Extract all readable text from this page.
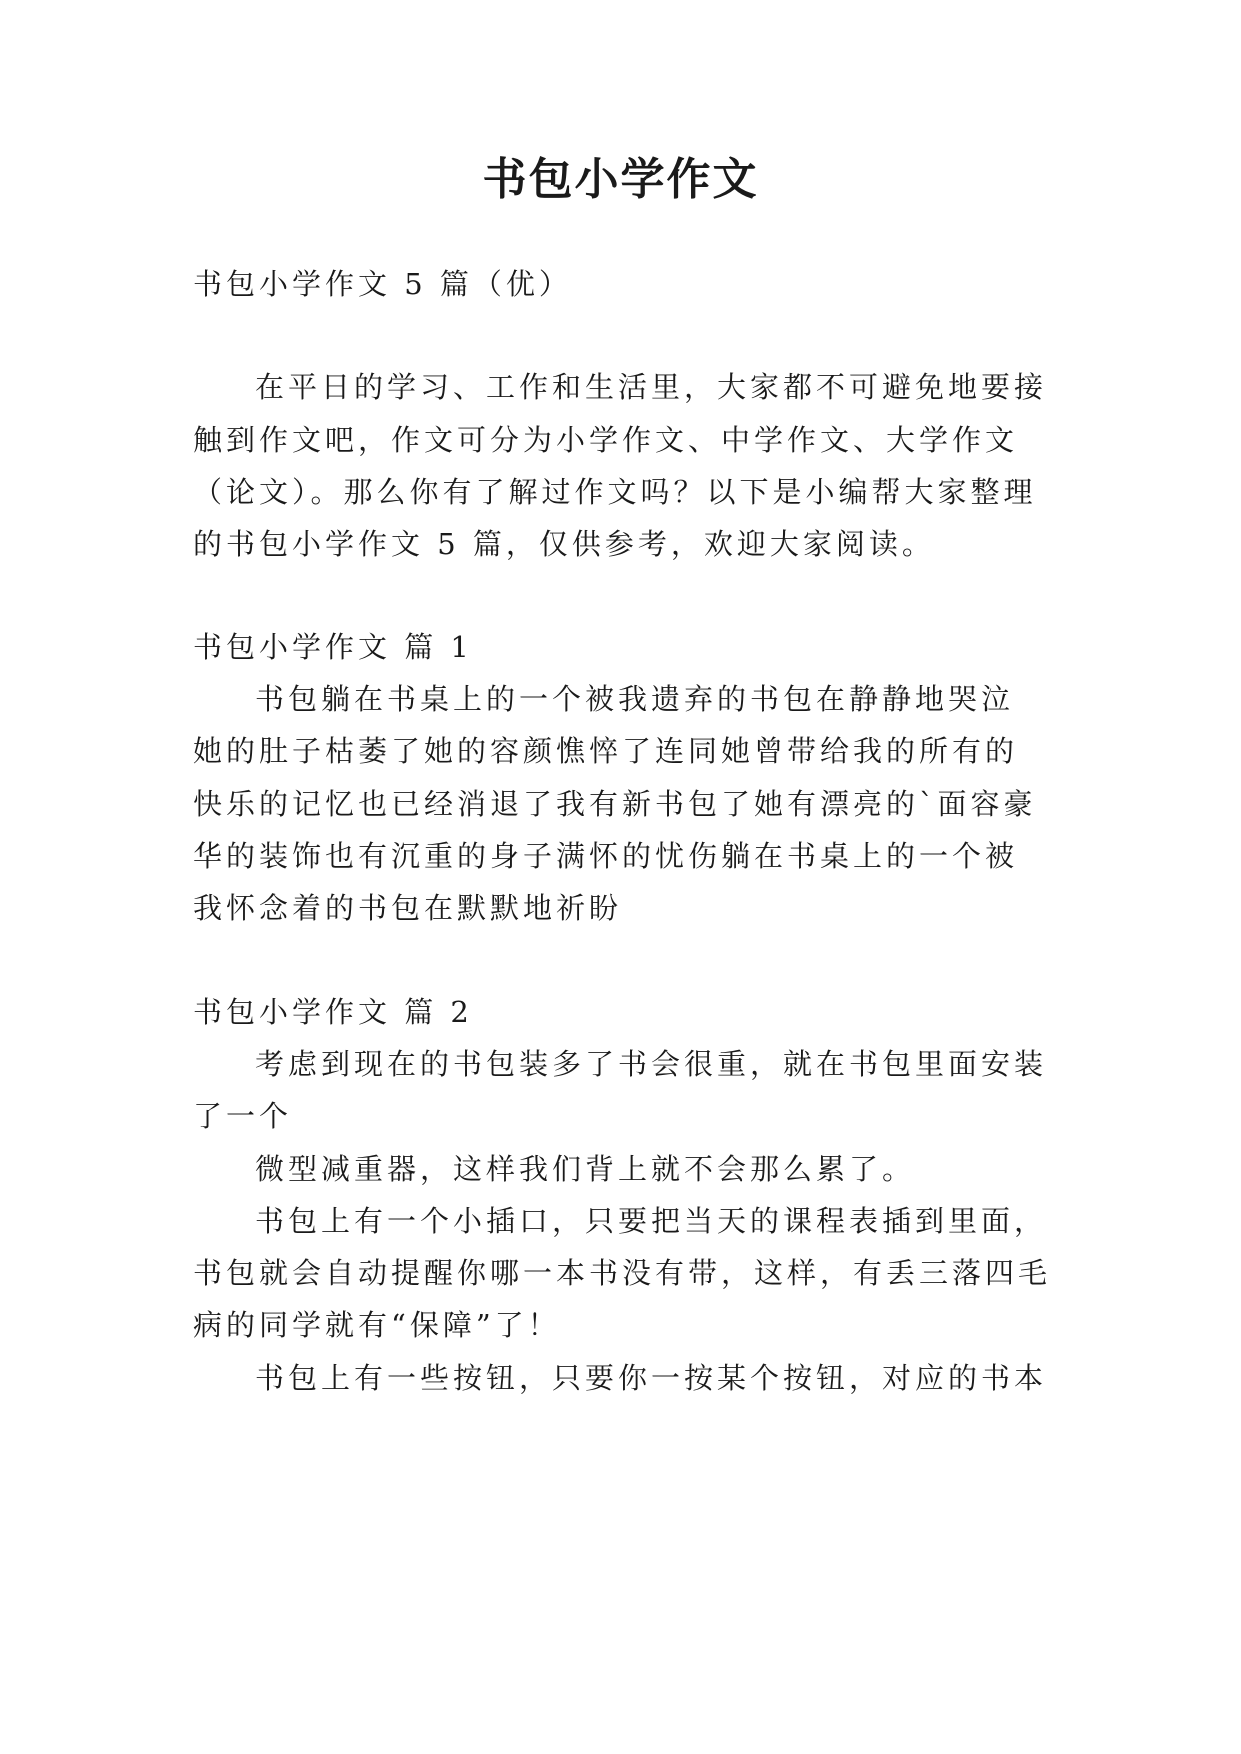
书包小学作文
书包小学作文 5 篇（优）
在平日的学习、工作和生活里，大家都不可避免地要接
触到作文吧，作文可分为小学作文、中学作文、大学作文
（论文）。那么你有了解过作文吗？以下是小编帮大家整理
的书包小学作文 5 篇，仅供参考，欢迎大家阅读。
书包小学作文 篇 1
书包躺在书桌上的一个被我遗弃的书包在静静地哭泣
她的肚子枯萎了她的容颜憔悴了连同她曾带给我的所有的
快乐的记忆也已经消退了我有新书包了她有漂亮的`面容豪
华的装饰也有沉重的身子满怀的忧伤躺在书桌上的一个被
我怀念着的书包在默默地祈盼
书包小学作文 篇 2
考虑到现在的书包装多了书会很重，就在书包里面安装
了一个
微型减重器，这样我们背上就不会那么累了。
书包上有一个小插口，只要把当天的课程表插到里面，
书包就会自动提醒你哪一本书没有带，这样，有丢三落四毛
病的同学就有“保障”了！
书包上有一些按钮，只要你一按某个按钮，对应的书本
